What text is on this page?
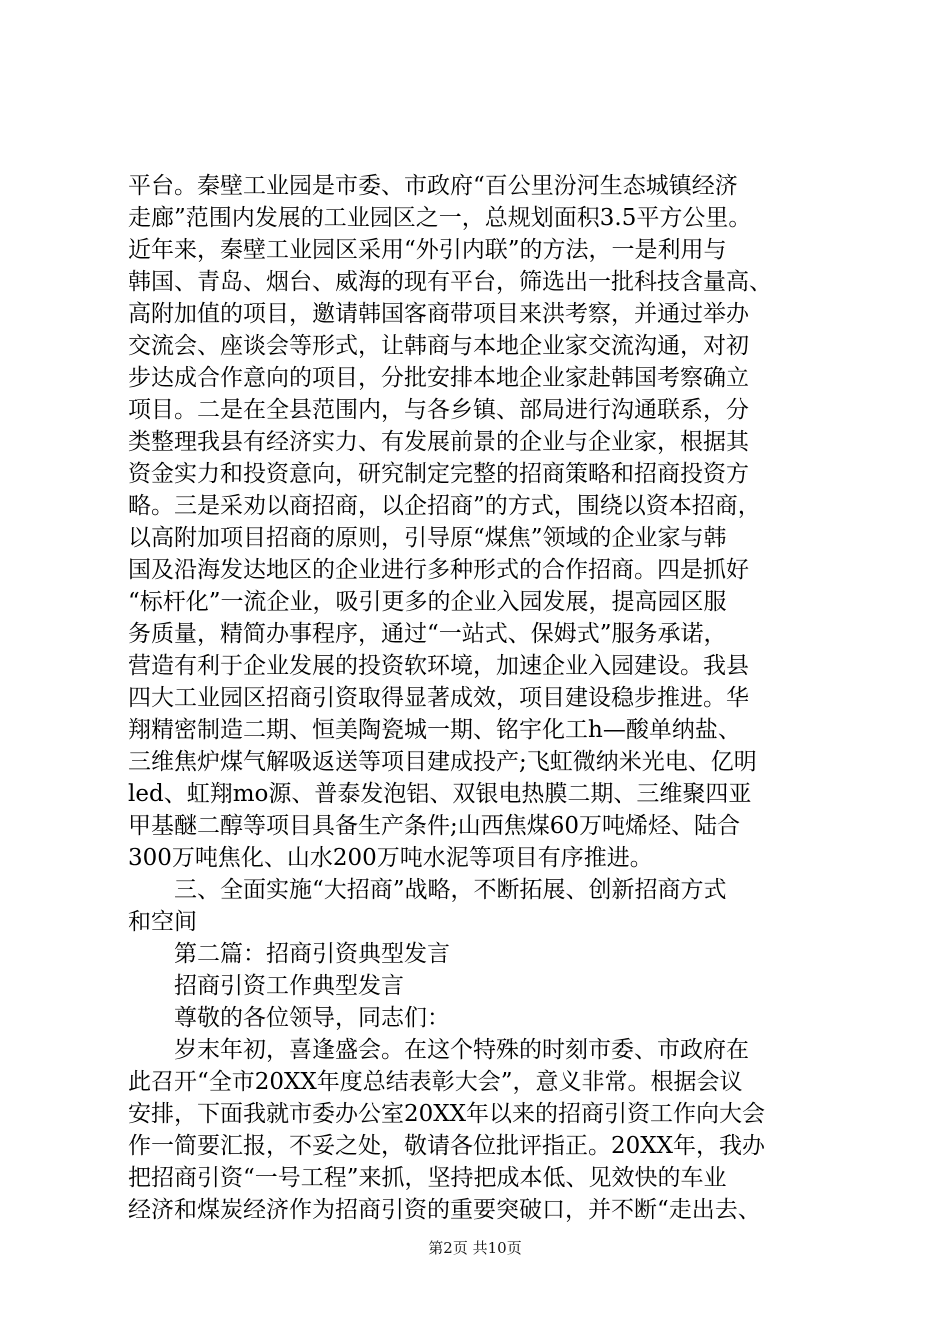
平台。秦壁工业园是市委、市政府“百公里汾河生态城镇经济
走廊”范围内发展的工业园区之一，总规划面积3.5平方公里。
近年来，秦壁工业园区采用“外引内联”的方法，一是利用与
韩国、青岛、烟台、威海的现有平台，筛选出一批科技含量高、
高附加值的项目，邀请韩国客商带项目来洪考察，并通过举办
交流会、座谈会等形式，让韩商与本地企业家交流沟通，对初
步达成合作意向的项目，分批安排本地企业家赴韩国考察确立
项目。二是在全县范围内，与各乡镇、部局进行沟通联系，分
类整理我县有经济实力、有发展前景的企业与企业家，根据其
资金实力和投资意向，研究制定完整的招商策略和招商投资方
略。三是采劝以商招商，以企招商”的方式，围绕以资本招商，
以高附加项目招商的原则，引导原“煤焦”领域的企业家与韩
国及沿海发达地区的企业进行多种形式的合作招商。四是抓好
“标杆化”一流企业，吸引更多的企业入园发展，提高园区服
务质量，精简办事程序，通过“一站式、保姆式”服务承诺，
营造有利于企业发展的投资软环境，加速企业入园建设。我县
四大工业园区招商引资取得显著成效，项目建设稳步推进。华
翔精密制造二期、恒美陶瓷城一期、铭宇化工h—酸单纳盐、
三维焦炉煤气解吸返送等项目建成投产;飞虹微纳米光电、亿明
led、虹翔mo源、普泰发泡铝、双银电热膜二期、三维聚四亚
甲基醚二醇等项目具备生产条件;山西焦煤60万吨烯烃、陆合
300万吨焦化、山水200万吨水泥等项目有序推进。
三、全面实施“大招商”战略，不断拓展、创新招商方式
和空间
第二篇：招商引资典型发言
招商引资工作典型发言
尊敬的各位领导，同志们：
岁末年初，喜逢盛会。在这个特殊的时刻市委、市政府在
此召开“全市20XX年度总结表彰大会”，意义非常。根据会议
安排，下面我就市委办公室20XX年以来的招商引资工作向大会
作一简要汇报，不妥之处，敬请各位批评指正。20XX年，我办
把招商引资“一号工程”来抓，坚持把成本低、见效快的车业
经济和煤炭经济作为招商引资的重要突破口，并不断“走出去、
第2页 共10页
